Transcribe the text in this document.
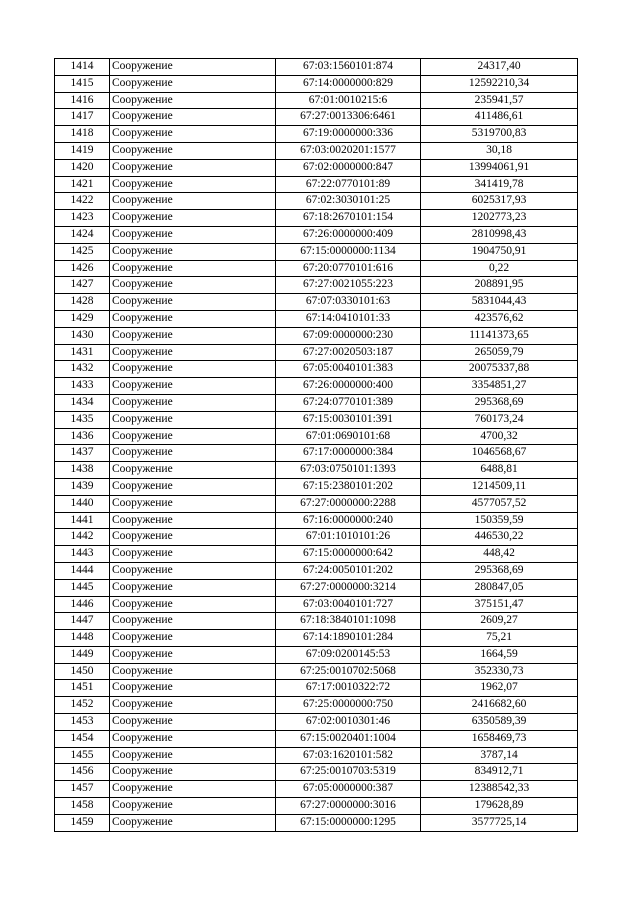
1414	Сооружение	67:03:1560101:874	24317,40
1415	Сооружение	67:14:0000000:829	12592210,34
1416	Сооружение	67:01:0010215:6	235941,57
1417	Сооружение	67:27:0013306:6461	411486,61
1418	Сооружение	67:19:0000000:336	5319700,83
1419	Сооружение	67:03:0020201:1577	30,18
1420	Сооружение	67:02:0000000:847	13994061,91
1421	Сооружение	67:22:0770101:89	341419,78
1422	Сооружение	67:02:3030101:25	6025317,93
1423	Сооружение	67:18:2670101:154	1202773,23
1424	Сооружение	67:26:0000000:409	2810998,43
1425	Сооружение	67:15:0000000:1134	1904750,91
1426	Сооружение	67:20:0770101:616	0,22
1427	Сооружение	67:27:0021055:223	208891,95
1428	Сооружение	67:07:0330101:63	5831044,43
1429	Сооружение	67:14:0410101:33	423576,62
1430	Сооружение	67:09:0000000:230	11141373,65
1431	Сооружение	67:27:0020503:187	265059,79
1432	Сооружение	67:05:0040101:383	20075337,88
1433	Сооружение	67:26:0000000:400	3354851,27
1434	Сооружение	67:24:0770101:389	295368,69
1435	Сооружение	67:15:0030101:391	760173,24
1436	Сооружение	67:01:0690101:68	4700,32
1437	Сооружение	67:17:0000000:384	1046568,67
1438	Сооружение	67:03:0750101:1393	6488,81
1439	Сооружение	67:15:2380101:202	1214509,11
1440	Сооружение	67:27:0000000:2288	4577057,52
1441	Сооружение	67:16:0000000:240	150359,59
1442	Сооружение	67:01:1010101:26	446530,22
1443	Сооружение	67:15:0000000:642	448,42
1444	Сооружение	67:24:0050101:202	295368,69
1445	Сооружение	67:27:0000000:3214	280847,05
1446	Сооружение	67:03:0040101:727	375151,47
1447	Сооружение	67:18:3840101:1098	2609,27
1448	Сооружение	67:14:1890101:284	75,21
1449	Сооружение	67:09:0200145:53	1664,59
1450	Сооружение	67:25:0010702:5068	352330,73
1451	Сооружение	67:17:0010322:72	1962,07
1452	Сооружение	67:25:0000000:750	2416682,60
1453	Сооружение	67:02:0010301:46	6350589,39
1454	Сооружение	67:15:0020401:1004	1658469,73
1455	Сооружение	67:03:1620101:582	3787,14
1456	Сооружение	67:25:0010703:5319	834912,71
1457	Сооружение	67:05:0000000:387	12388542,33
1458	Сооружение	67:27:0000000:3016	179628,89
1459	Сооружение	67:15:0000000:1295	3577725,14
